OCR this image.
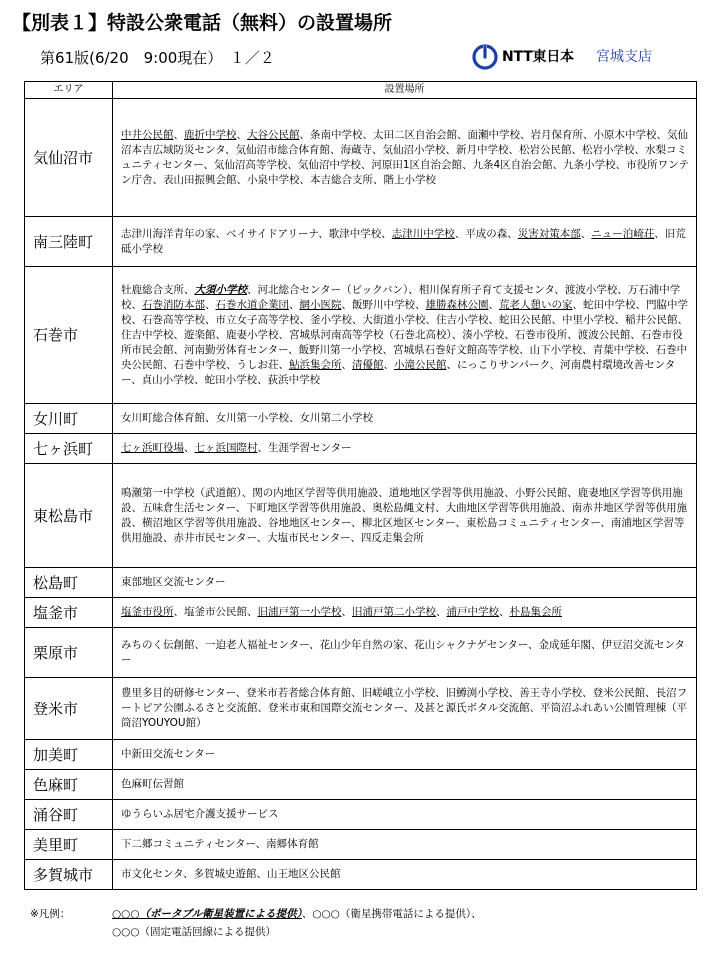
【別表１】特設公衆電話（無料）の設置場所
第61版(6/20　9:00現在）　１／２	NTT東日本 宮城支店
エリア	設置場所
気仙沼市	中井公民館、鹿折中学校、大谷公民館、条南中学校、太田二区自治会館、面瀬中学校、岩月保育所、小原木中学校、気仙沼本吉広域防災センタ、気仙沼市総合体育館、海蔵寺、気仙沼小学校、新月中学校、松岩公民館、松岩小学校、水梨コミュニティセンター、気仙沼高等学校、気仙沼中学校、河原田1区自治会館、九条4区自治会館、九条小学校、市役所ワンテン庁舎、表山田振興会館、小泉中学校、本吉総合支所、階上小学校
南三陸町	志津川海洋青年の家、ベイサイドアリーナ、歌津中学校、志津川中学校、平成の森、災害対策本部、ニュー泊崎荘、旧荒砥小学校
石巻市	牡鹿総合支所、大須小学校、河北総合センター（ビックバン）、相川保育所子育て支援センタ、渡波小学校、万石浦中学校、石巻消防本部、石巻水道企業団、網小医院、飯野川中学校、雄勝森林公園、荒老人憩いの家、蛇田中学校、門脇中学校、石巻高等学校、市立女子高等学校、釜小学校、大街道小学校、住吉小学校、蛇田公民館、中里小学校、稲井公民館、住吉中学校、遊楽館、鹿妻小学校、宮城県河南高等学校（石巻北高校）、湊小学校、石巻市役所、渡波公民館、石巻市役所市民会館、河南勤労体育センター、飯野川第一小学校、宮城県石巻好文館高等学校、山下小学校、青葉中学校、石巻中央公民館、石巻中学校、うしお荘、鮎浜集会所、清優館、小滝公民館、にっこりサンパーク、河南農村環境改善センター、貞山小学校、蛇田小学校、荻浜中学校
女川町	女川町総合体育館、女川第一小学校、女川第二小学校
七ヶ浜町	七ヶ浜町役場、七ヶ浜国際村、生涯学習センター
東松島市	鳴瀬第一中学校（武道館）、関の内地区学習等供用施設、道地地区学習等供用施設、小野公民館、鹿妻地区学習等供用施設、五味倉生活センター、下町地区学習等供用施設、奥松島縄文村、大曲地区学習等供用施設、南赤井地区学習等供用施設、横沼地区学習等供用施設、谷地地区センター、柳北区地区センター、東松島コミュニティセンター、南浦地区学習等供用施設、赤井市民センター、大塩市民センター、四反走集会所
松島町	東部地区交流センター
塩釜市	塩釜市役所、塩釜市公民館、旧浦戸第一小学校、旧浦戸第二小学校、浦戸中学校、朴島集会所
栗原市	みちのく伝創館、一迫老人福祉センター、花山少年自然の家、花山シャクナゲセンター、金成延年閣、伊豆沼交流センター
登米市	豊里多目的研修センター、登米市若者総合体育館、旧嵯峨立小学校、旧鱒渕小学校、善王寺小学校、登米公民館、長沼フートピア公園ふるさと交流館、登米市東和国際交流センター、及甚と源氏ボタル交流館、平筒沼ふれあい公園管理棟（平筒沼YOUYOU館）
加美町	中新田交流センター
色麻町	色麻町伝習館
涌谷町	ゆうらいふ居宅介護支援サービス
美里町	下二郷コミュニティセンター、南郷体育館
多賀城市	市文化センタ、多賀城史遊館、山王地区公民館
※凡例：	○○○（ポータブル衛星装置による提供）、○○○（衛星携帯電話による提供）、
○○○（固定電話回線による提供）
